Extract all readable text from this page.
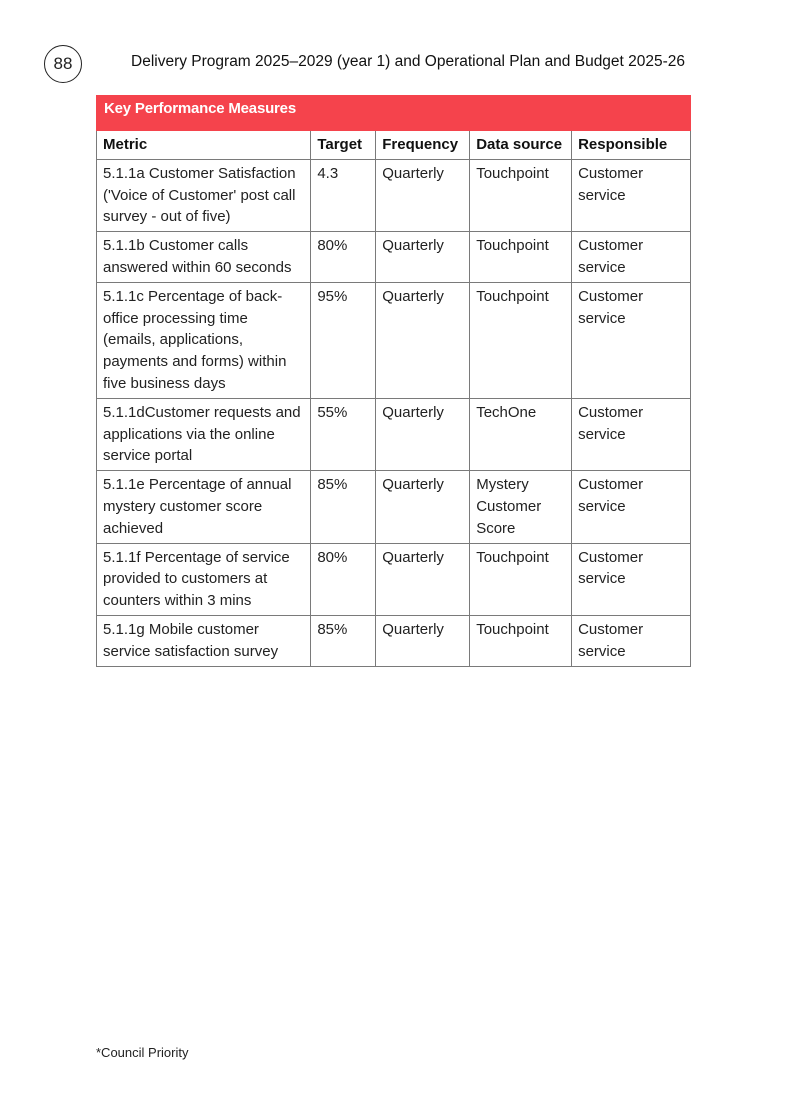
88	Delivery Program 2025–2029 (year 1) and Operational Plan and Budget 2025-26
Key Performance Measures				
Metric	Target	Frequency	Data source	Responsible
5.1.1a Customer Satisfaction ('Voice of Customer' post call survey - out of five)	4.3	Quarterly	Touchpoint	Customer service
5.1.1b Customer calls answered within 60 seconds	80%	Quarterly	Touchpoint	Customer service
5.1.1c Percentage of back-office processing time (emails, applications, payments and forms) within five business days	95%	Quarterly	Touchpoint	Customer service
5.1.1dCustomer requests and applications via the online service portal	55%	Quarterly	TechOne	Customer service
5.1.1e Percentage of annual mystery customer score achieved	85%	Quarterly	Mystery Customer Score	Customer service
5.1.1f Percentage of service provided to customers at counters within 3 mins	80%	Quarterly	Touchpoint	Customer service
5.1.1g Mobile customer service satisfaction survey	85%	Quarterly	Touchpoint	Customer service
*Council Priority
